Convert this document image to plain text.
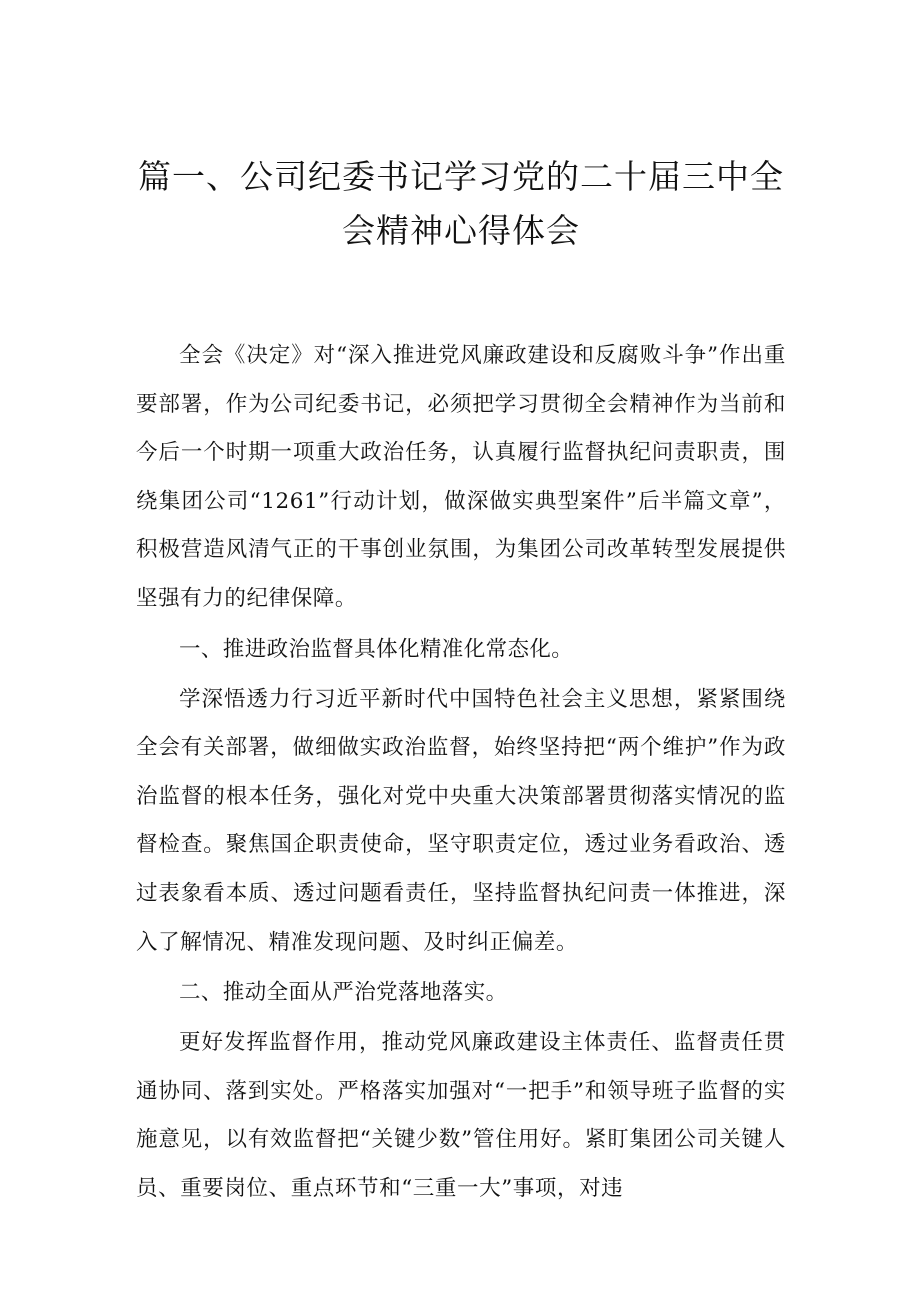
篇一、公司纪委书记学习党的二十届三中全
会精神心得体会

全会《决定》对“深入推进党风廉政建设和反腐败斗争”作出重要部署，作为公司纪委书记，必须把学习贯彻全会精神作为当前和今后一个时期一项重大政治任务，认真履行监督执纪问责职责，围绕集团公司“1261”行动计划，做深做实典型案件”后半篇文章”，积极营造风清气正的干事创业氛围，为集团公司改革转型发展提供坚强有力的纪律保障。

一、推进政治监督具体化精准化常态化。

学深悟透力行习近平新时代中国特色社会主义思想，紧紧围绕全会有关部署，做细做实政治监督，始终坚持把“两个维护”作为政治监督的根本任务，强化对党中央重大决策部署贯彻落实情况的监督检查。聚焦国企职责使命，坚守职责定位，透过业务看政治、透过表象看本质、透过问题看责任，坚持监督执纪问责一体推进，深入了解情况、精准发现问题、及时纠正偏差。

二、推动全面从严治党落地落实。

更好发挥监督作用，推动党风廉政建设主体责任、监督责任贯通协同、落到实处。严格落实加强对“一把手”和领导班子监督的实施意见，以有效监督把“关键少数”管住用好。紧盯集团公司关键人员、重要岗位、重点环节和“三重一大”事项，对违
